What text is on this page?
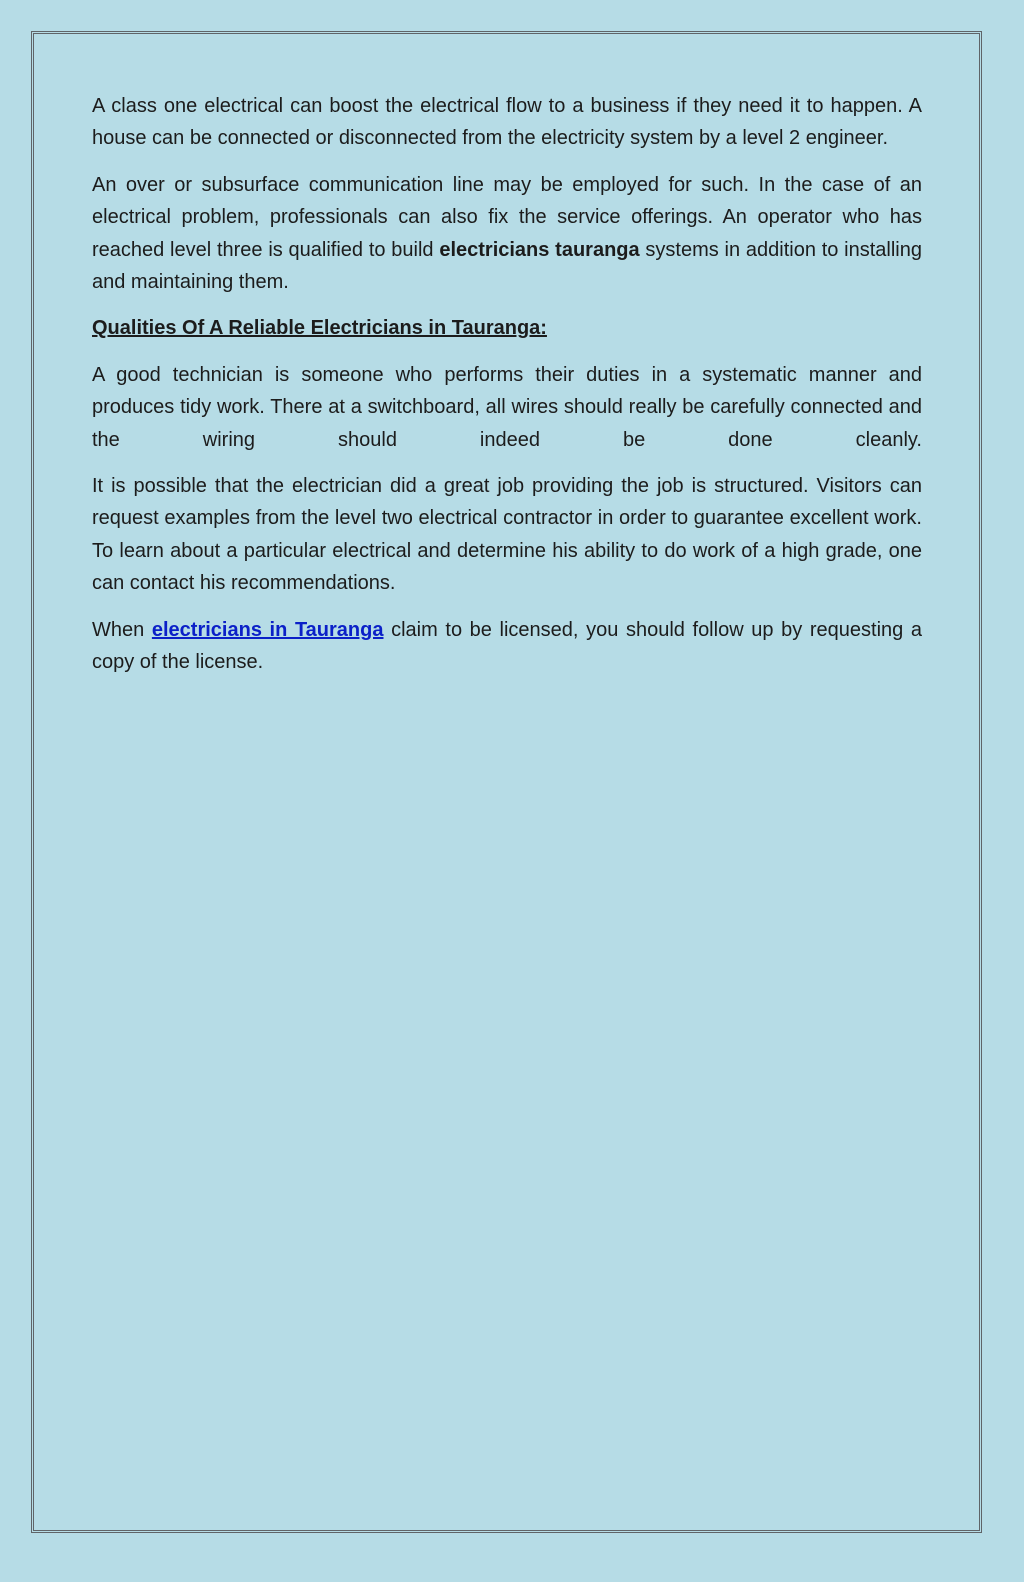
A class one electrical can boost the electrical flow to a business if they need it to happen. A house can be connected or disconnected from the electricity system by a level 2 engineer.

An over or subsurface communication line may be employed for such. In the case of an electrical problem, professionals can also fix the service offerings. An operator who has reached level three is qualified to build electricians tauranga systems in addition to installing and maintaining them.

Qualities Of A Reliable Electricians in Tauranga:

A good technician is someone who performs their duties in a systematic manner and produces tidy work. There at a switchboard, all wires should really be carefully connected and the wiring should indeed be done cleanly.

It is possible that the electrician did a great job providing the job is structured. Visitors can request examples from the level two electrical contractor in order to guarantee excellent work. To learn about a particular electrical and determine his ability to do work of a high grade, one can contact his recommendations.

When electricians in Tauranga claim to be licensed, you should follow up by requesting a copy of the license.
